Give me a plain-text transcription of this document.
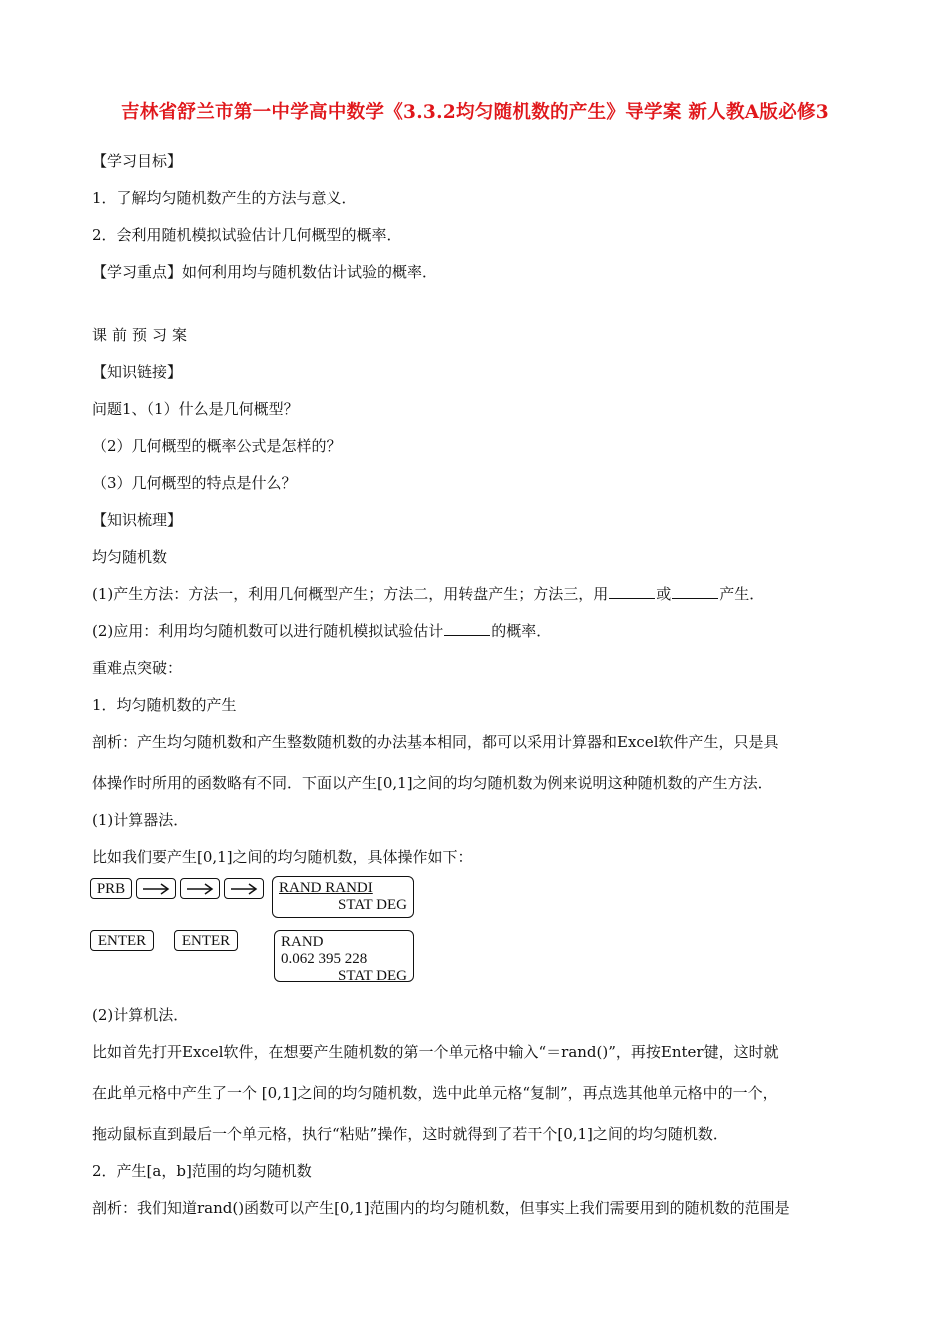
吉林省舒兰市第一中学高中数学《3.3.2均匀随机数的产生》导学案 新人教A版必修3
【学习目标】
1．了解均匀随机数产生的方法与意义．
2．会利用随机模拟试验估计几何概型的概率．
【学习重点】如何利用均与随机数估计试验的概率．
课前预习案
【知识链接】
问题1、（1）什么是几何概型？
（2）几何概型的概率公式是怎样的？
（3）几何概型的特点是什么？
【知识梳理】
均匀随机数
(1)产生方法：方法一，利用几何概型产生；方法二，用转盘产生；方法三，用	或	产生．
(2)应用：利用均匀随机数可以进行随机模拟试验估计	的概率．
重难点突破：
1．均匀随机数的产生
剖析：产生均匀随机数和产生整数随机数的办法基本相同，都可以采用计算器和Excel软件产生，只是具
体操作时所用的函数略有不同．下面以产生[0,1]之间的均匀随机数为例来说明这种随机数的产生方法．
(1)计算器法．
比如我们要产生[0,1]之间的均匀随机数，具体操作如下：
PRB	RAND RANDI
STAT DEG
ENTER	ENTER	RAND
0.062 395 228
STAT DEG
(2)计算机法．
比如首先打开Excel软件，在想要产生随机数的第一个单元格中输入“＝rand()”，再按Enter键，这时就
在此单元格中产生了一个 [0,1]之间的均匀随机数，选中此单元格“复制”，再点选其他单元格中的一个，
拖动鼠标直到最后一个单元格，执行“粘贴”操作，这时就得到了若干个[0,1]之间的均匀随机数．
2．产生[a，b]范围的均匀随机数
剖析：我们知道rand()函数可以产生[0,1]范围内的均匀随机数，但事实上我们需要用到的随机数的范围是
